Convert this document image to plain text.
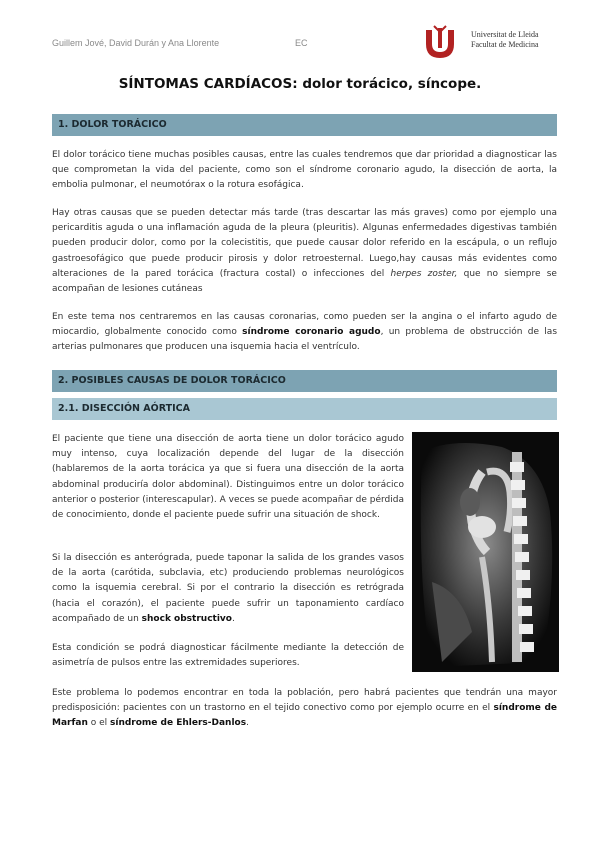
Guillem Jové, David Durán y Ana Llorente	EC
Universitat de Lleida
Facultat de Medicina
SÍNTOMAS CARDÍACOS: dolor torácico, síncope.
1. DOLOR TORÁCICO

El dolor torácico tiene muchas posibles causas, entre las cuales tendremos que dar prioridad a diagnosticar las que comprometan la vida del paciente, como son el síndrome coronario agudo, la disección de aorta, la embolia pulmonar, el neumotórax o la rotura esofágica.

Hay otras causas que se pueden detectar más tarde (tras descartar las más graves) como por ejemplo una pericarditis aguda o una inflamación aguda de la pleura (pleuritis). Algunas enfermedades digestivas también pueden producir dolor, como por la colecistitis, que puede causar dolor referido en la escápula, o un reflujo gastroesofágico que puede producir pirosis y dolor retroesternal. Luego,hay causas más evidentes como alteraciones de la pared torácica (fractura costal) o infecciones del herpes zoster, que no siempre se acompañan de lesiones cutáneas

En este tema nos centraremos en las causas coronarias, como pueden ser la angina o el infarto agudo de miocardio, globalmente conocido como síndrome coronario agudo, un problema de obstrucción de las arterias pulmonares que producen una isquemia hacia el ventrículo.

2. POSIBLES CAUSAS DE DOLOR TORÁCICO
2.1. DISECCIÓN AÓRTICA

El paciente que tiene una disección de aorta tiene un dolor torácico agudo muy intenso, cuya localización depende del lugar de la disección (hablaremos de la aorta torácica ya que si fuera una disección de la aorta abdominal produciría dolor abdominal). Distinguimos entre un dolor torácico anterior o posterior (interescapular). A veces se puede acompañar de pérdida de conocimiento, donde el paciente puede sufrir una situación de shock.

Si la disección es anterógrada, puede taponar la salida de los grandes vasos de la aorta (carótida, subclavia, etc) produciendo problemas neurológicos como la isquemia cerebral. Si por el contrario la disección es retrógrada (hacia el corazón), el paciente puede sufrir un taponamiento cardíaco acompañado de un shock obstructivo.

Esta condición se podrá diagnosticar fácilmente mediante la detección de asimetría de pulsos entre las extremidades superiores.

Este problema lo podemos encontrar en toda la población, pero habrá pacientes que tendrán una mayor predisposición: pacientes con un trastorno en el tejido conectivo como por ejemplo ocurre en el síndrome de Marfan o el síndrome de Ehlers-Danlos.
